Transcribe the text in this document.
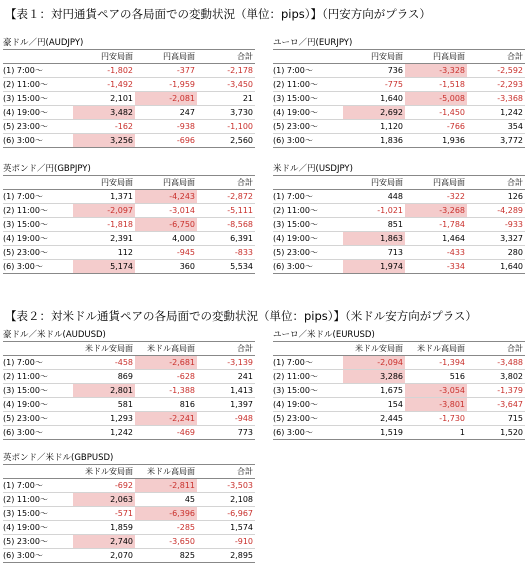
【表１：対円通貨ペアの各局面での変動状況（単位：pips）】（円安方向がプラス）
豪ドル／円(AUDJPY)
円安局面	円高局面	合計
(1) 7:00～	-1,802	-377	-2,178
(2) 11:00～	-1,492	-1,959	-3,450
(3) 15:00～	2,101	-2,081	21
(4) 19:00～	3,482	247	3,730
(5) 23:00～	-162	-938	-1,100
(6) 3:00～	3,256	-696	2,560
ユーロ／円(EURJPY)
円安局面	円高局面	合計
(1) 7:00～	736	-3,328	-2,592
(2) 11:00～	-775	-1,518	-2,293
(3) 15:00～	1,640	-5,008	-3,368
(4) 19:00～	2,692	-1,450	1,242
(5) 23:00～	1,120	-766	354
(6) 3:00～	1,836	1,936	3,772
英ポンド／円(GBPJPY)
円安局面	円高局面	合計
(1) 7:00～	1,371	-4,243	-2,872
(2) 11:00～	-2,097	-3,014	-5,111
(3) 15:00～	-1,818	-6,750	-8,568
(4) 19:00～	2,391	4,000	6,391
(5) 23:00～	112	-945	-833
(6) 3:00～	5,174	360	5,534
米ドル／円(USDJPY)
円安局面	円高局面	合計
(1) 7:00～	448	-322	126
(2) 11:00～	-1,021	-3,268	-4,289
(3) 15:00～	851	-1,784	-933
(4) 19:00～	1,863	1,464	3,327
(5) 23:00～	713	-433	280
(6) 3:00～	1,974	-334	1,640
【表２：対米ドル通貨ペアの各局面での変動状況（単位：pips）】（米ドル安方向がプラス）
豪ドル／米ドル(AUDUSD)
米ドル安局面	米ドル高局面	合計
(1) 7:00～	-458	-2,681	-3,139
(2) 11:00～	869	-628	241
(3) 15:00～	2,801	-1,388	1,413
(4) 19:00～	581	816	1,397
(5) 23:00～	1,293	-2,241	-948
(6) 3:00～	1,242	-469	773
ユーロ／米ドル(EURUSD)
米ドル安局面	米ドル高局面	合計
(1) 7:00～	-2,094	-1,394	-3,488
(2) 11:00～	3,286	516	3,802
(3) 15:00～	1,675	-3,054	-1,379
(4) 19:00～	154	-3,801	-3,647
(5) 23:00～	2,445	-1,730	715
(6) 3:00～	1,519	1	1,520
英ポンド／米ドル(GBPUSD)
米ドル安局面	米ドル高局面	合計
(1) 7:00～	-692	-2,811	-3,503
(2) 11:00～	2,063	45	2,108
(3) 15:00～	-571	-6,396	-6,967
(4) 19:00～	1,859	-285	1,574
(5) 23:00～	2,740	-3,650	-910
(6) 3:00～	2,070	825	2,895
